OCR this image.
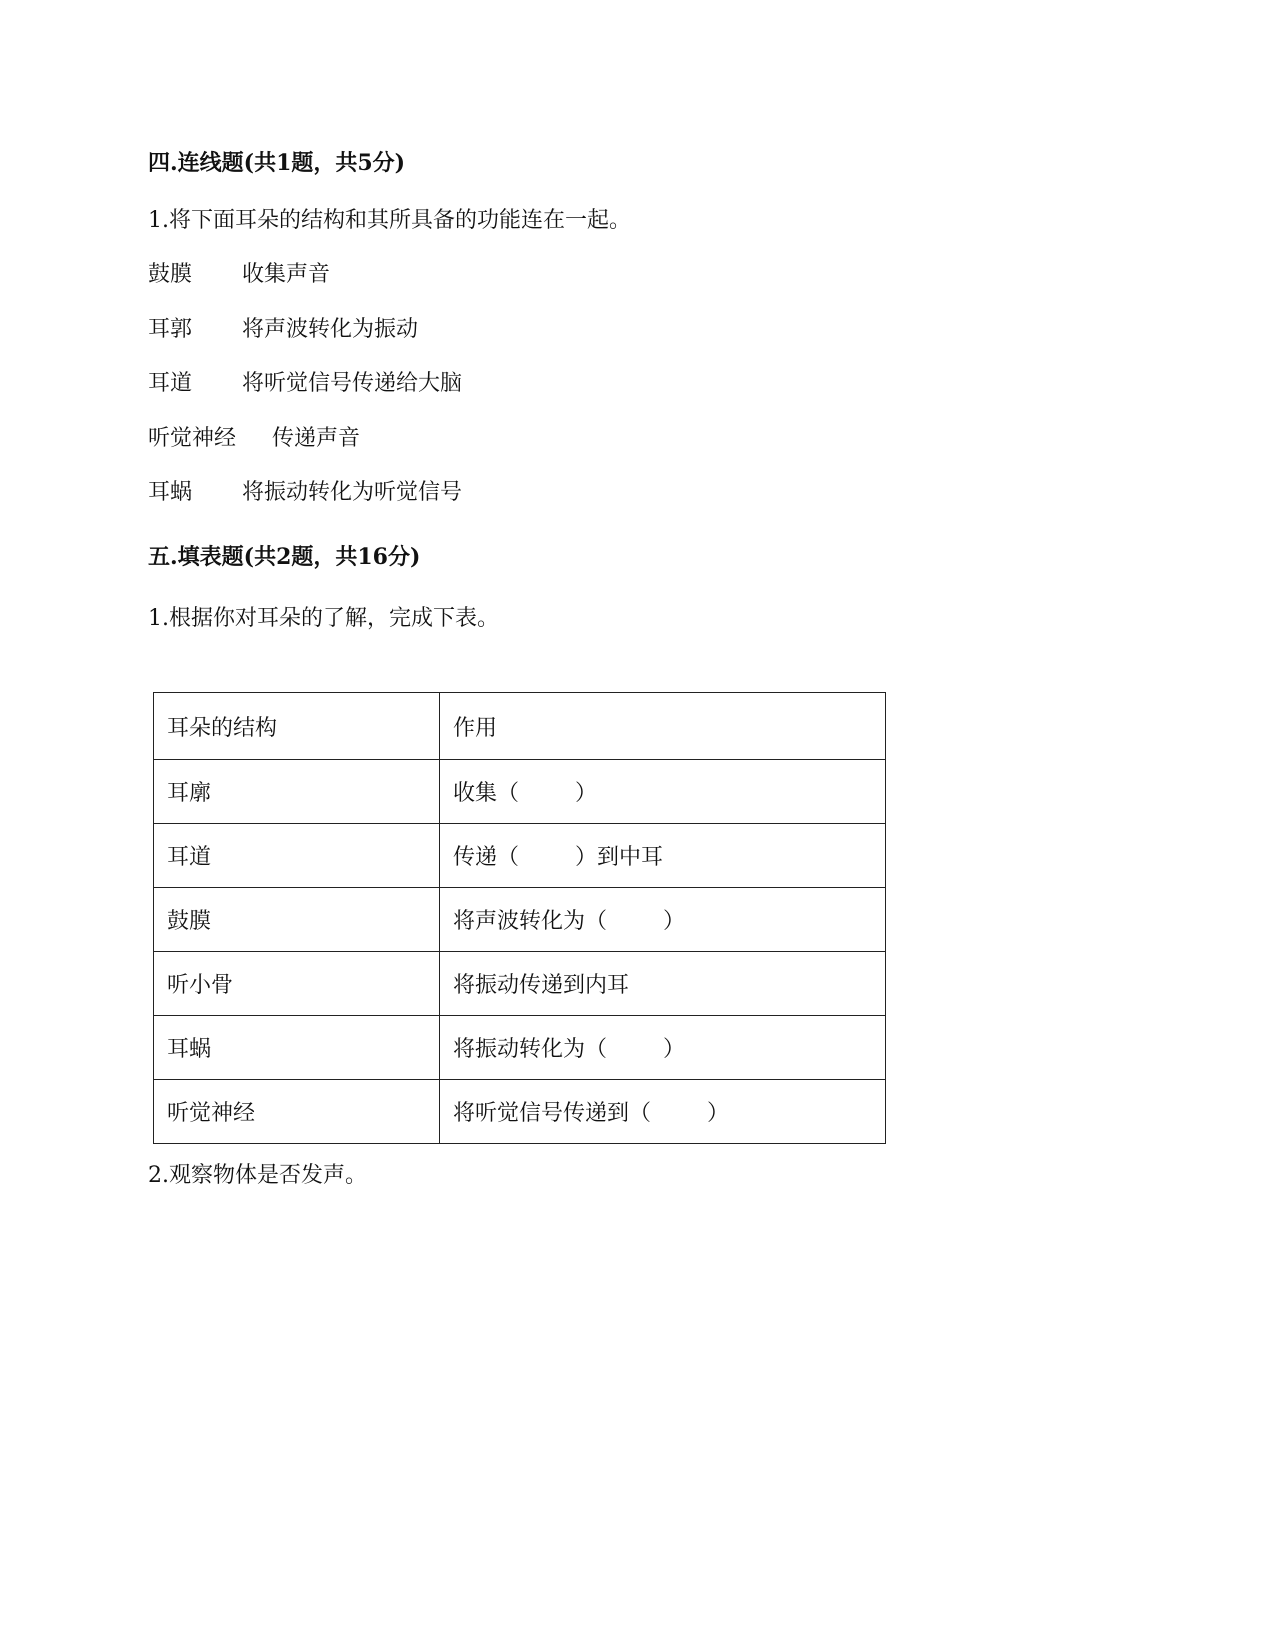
四.连线题(共1题，共5分)
1.将下面耳朵的结构和其所具备的功能连在一起。
鼓膜 收集声音
耳郭 将声波转化为振动
耳道 将听觉信号传递给大脑
听觉神经 传递声音
耳蜗 将振动转化为听觉信号
五.填表题(共2题，共16分)
1.根据你对耳朵的了解，完成下表。
耳朵的结构	作用
耳廓	收集（        ）
耳道	传递（        ）到中耳
鼓膜	将声波转化为（        ）
听小骨	将振动传递到内耳
耳蜗	将振动转化为（        ）
听觉神经	将听觉信号传递到（        ）
2.观察物体是否发声。
